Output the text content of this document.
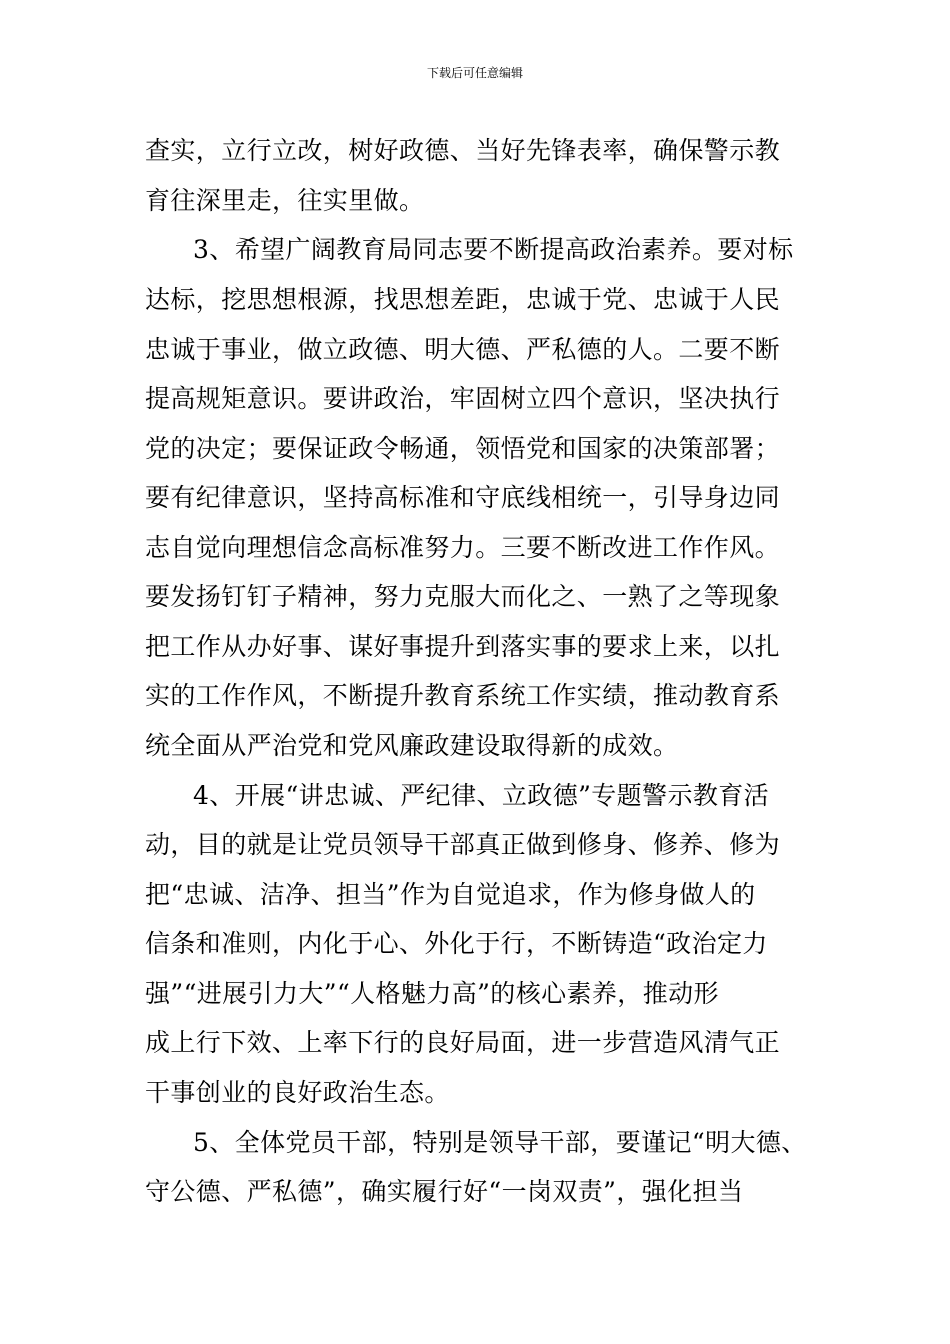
下载后可任意编辑
查实，立行立改，树好政德、当好先锋表率，确保警示教
育往深里走，往实里做。
3、希望广阔教育局同志要不断提高政治素养。要对标
达标，挖思想根源，找思想差距，忠诚于党、忠诚于人民
忠诚于事业，做立政德、明大德、严私德的人。二要不断
提高规矩意识。要讲政治，牢固树立四个意识，坚决执行
党的决定；要保证政令畅通，领悟党和国家的决策部署；
要有纪律意识，坚持高标准和守底线相统一，引导身边同
志自觉向理想信念高标准努力。三要不断改进工作作风。
要发扬钉钉子精神，努力克服大而化之、一熟了之等现象
把工作从办好事、谋好事提升到落实事的要求上来，以扎
实的工作作风，不断提升教育系统工作实绩，推动教育系
统全面从严治党和党风廉政建设取得新的成效。
4、开展“讲忠诚、严纪律、立政德”专题警示教育活
动，目的就是让党员领导干部真正做到修身、修养、修为
把“忠诚、洁净、担当”作为自觉追求，作为修身做人的
信条和准则，内化于心、外化于行，不断铸造“政治定力
强”“进展引力大”“人格魅力高”的核心素养，推动形
成上行下效、上率下行的良好局面，进一步营造风清气正
干事创业的良好政治生态。
5、全体党员干部，特别是领导干部，要谨记“明大德、
守公德、严私德”，确实履行好“一岗双责”，强化担当
